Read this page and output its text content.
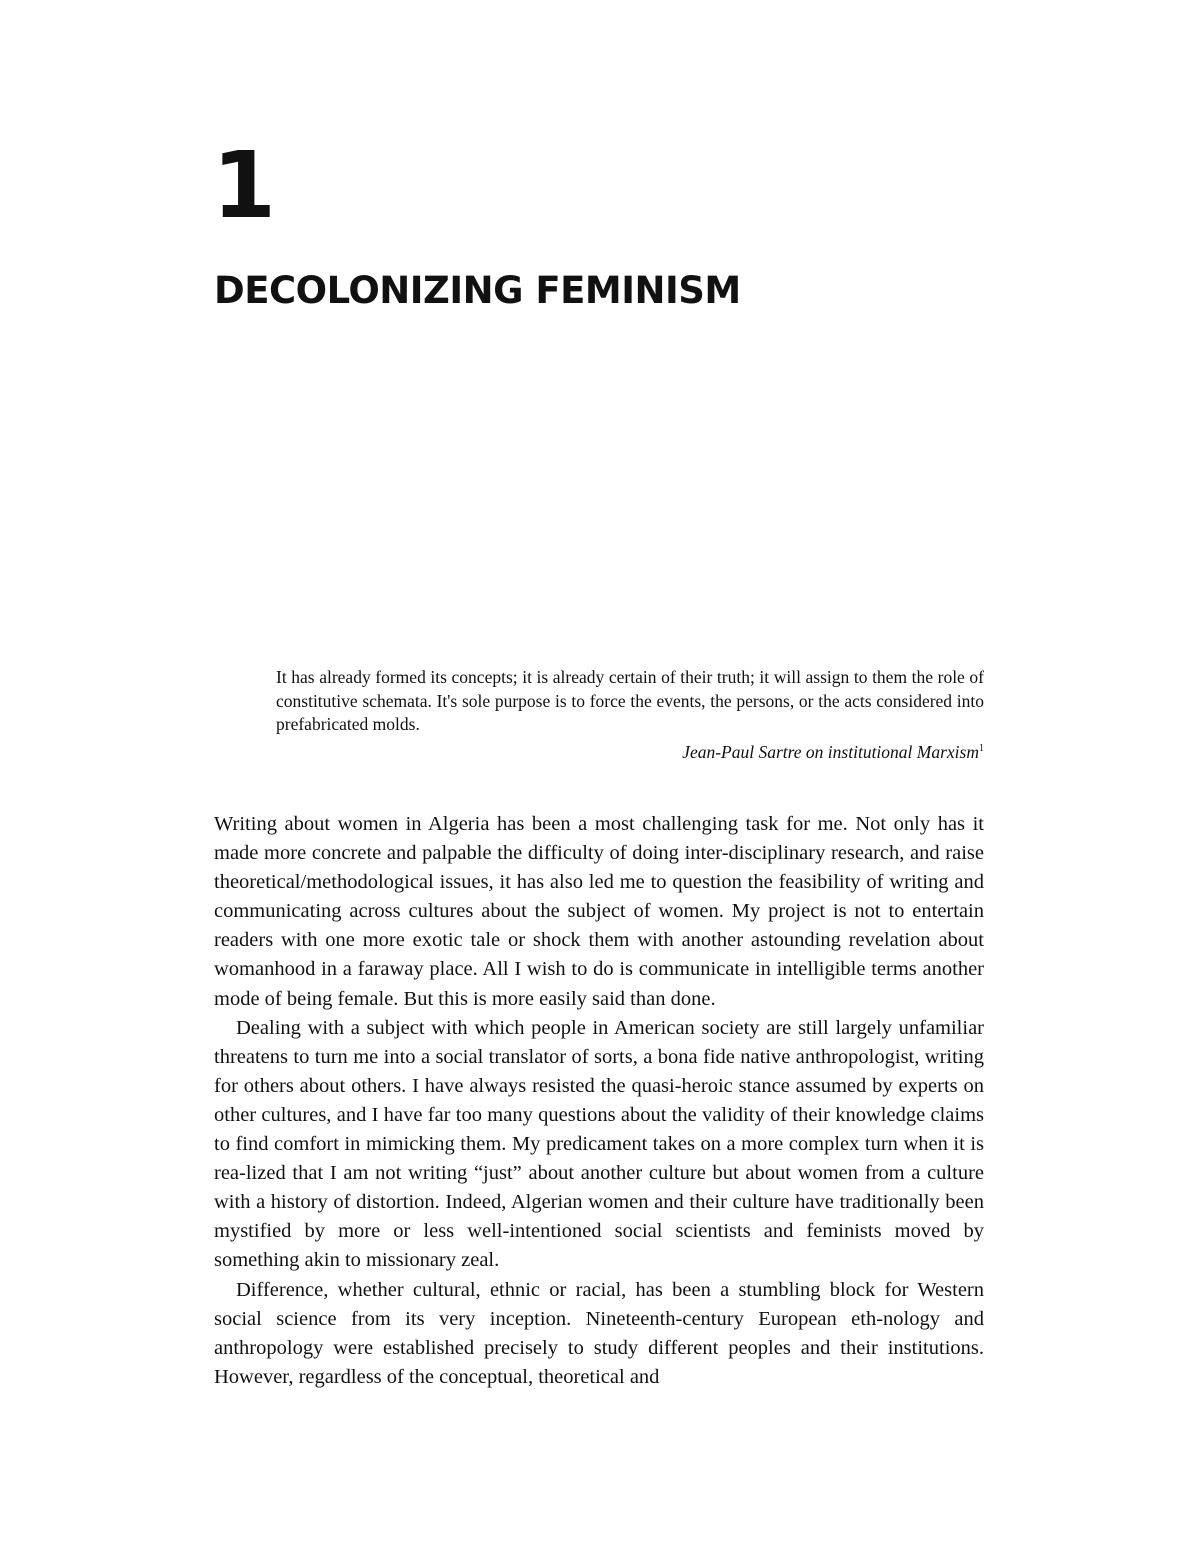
1
DECOLONIZING FEMINISM

It has already formed its concepts; it is already certain of their truth; it will assign to them the role of constitutive schemata. It's sole purpose is to force the events, the persons, or the acts considered into prefabricated molds.

Jean-Paul Sartre on institutional Marxism$^1$

Writing about women in Algeria has been a most challenging task for me. Not only has it made more concrete and palpable the difficulty of doing inter-disciplinary research, and raise theoretical/methodological issues, it has also led me to question the feasibility of writing and communicating across cultures about the subject of women. My project is not to entertain readers with one more exotic tale or shock them with another astounding revelation about womanhood in a faraway place. All I wish to do is communicate in intelligible terms another mode of being female. But this is more easily said than done.

Dealing with a subject with which people in American society are still largely unfamiliar threatens to turn me into a social translator of sorts, a bona fide native anthropologist, writing for others about others. I have always resisted the quasi-heroic stance assumed by experts on other cultures, and I have far too many questions about the validity of their knowledge claims to find comfort in mimicking them. My predicament takes on a more complex turn when it is rea-lized that I am not writing “just” about another culture but about women from a culture with a history of distortion. Indeed, Algerian women and their culture have traditionally been mystified by more or less well-intentioned social scientists and feminists moved by something akin to missionary zeal.

Difference, whether cultural, ethnic or racial, has been a stumbling block for Western social science from its very inception. Nineteenth-century European eth-nology and anthropology were established precisely to study different peoples and their institutions. However, regardless of the conceptual, theoretical and
